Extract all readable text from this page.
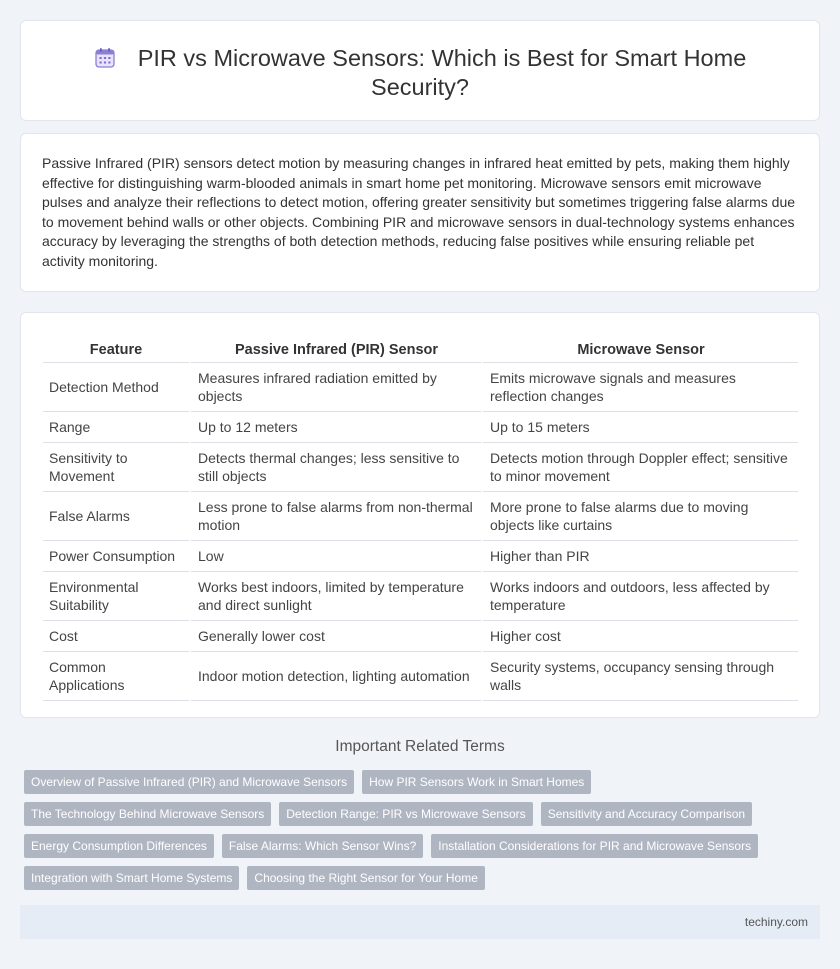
PIR vs Microwave Sensors: Which is Best for Smart Home Security?

Passive Infrared (PIR) sensors detect motion by measuring changes in infrared heat emitted by pets, making them highly effective for distinguishing warm-blooded animals in smart home pet monitoring. Microwave sensors emit microwave pulses and analyze their reflections to detect motion, offering greater sensitivity but sometimes triggering false alarms due to movement behind walls or other objects. Combining PIR and microwave sensors in dual-technology systems enhances accuracy by leveraging the strengths of both detection methods, reducing false positives while ensuring reliable pet activity monitoring.

Feature	Passive Infrared (PIR) Sensor	Microwave Sensor
Detection Method	Measures infrared radiation emitted by objects	Emits microwave signals and measures reflection changes
Range	Up to 12 meters	Up to 15 meters
Sensitivity to Movement	Detects thermal changes; less sensitive to still objects	Detects motion through Doppler effect; sensitive to minor movement
False Alarms	Less prone to false alarms from non-thermal motion	More prone to false alarms due to moving objects like curtains
Power Consumption	Low	Higher than PIR
Environmental Suitability	Works best indoors, limited by temperature and direct sunlight	Works indoors and outdoors, less affected by temperature
Cost	Generally lower cost	Higher cost
Common Applications	Indoor motion detection, lighting automation	Security systems, occupancy sensing through walls
Important Related Terms
Overview of Passive Infrared (PIR) and Microwave Sensors	How PIR Sensors Work in Smart Homes
The Technology Behind Microwave Sensors	Detection Range: PIR vs Microwave Sensors	Sensitivity and Accuracy Comparison
Energy Consumption Differences	False Alarms: Which Sensor Wins?	Installation Considerations for PIR and Microwave Sensors
Integration with Smart Home Systems	Choosing the Right Sensor for Your Home
techiny.com
